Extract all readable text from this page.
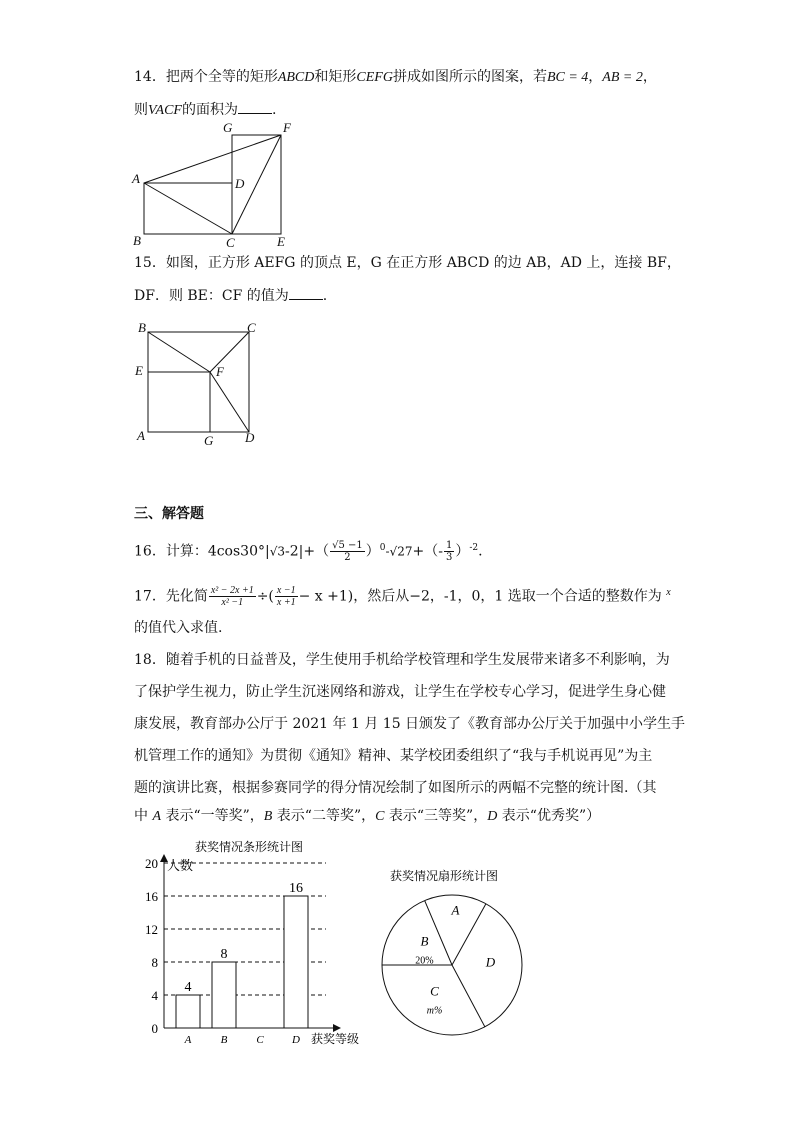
14．把两个全等的矩形ABCD和矩形CEFG拼成如图所示的图案，若BC = 4，AB = 2，
则VACF的面积为 .
G	F
A	D
B	C	E
15．如图，正方形 AEFG 的顶点 E，G 在正方形 ABCD 的边 AB，AD 上，连接 BF，
DF．则 BE：CF 的值为 .
B	C
E	F
A	G D
三、解答题
16．计算：$4\cos 30^\circ|√3-2|+( \frac{√5 -1}{2} )^0-√27+(- \frac{1}{3} )^{-2}$.
17．先化简 $\frac{\text{x² − 2x +1}}{\text{x² −1}}$ ÷( $\frac{x -1}{x +1} - x +1$)，然后从−2，-1，0，1 选取一个合适的整数作为 $^x$
的值代入求值.
18．随着手机的日益普及，学生使用手机给学校管理和学生发展带来诸多不利影响，为
了保护学生视力，防止学生沉迷网络和游戏，让学生在学校专心学习，促进学生身心健
康发展，教育部办公厅于 2021 年 1 月 15 日颁发了《教育部办公厅关于加强中小学生手
机管理工作的通知》为贯彻《通知》精神、某学校团委组织了“我与手机说再见”为主
题的演讲比赛，根据参赛同学的得分情况绘制了如图所示的两幅不完整的统计图.（其
中 A 表示“一等奖”，B 表示“二等奖”，C 表示“三等奖”，D 表示“优秀奖”）
获奖情况条形统计图
人数
获奖等级
0
4
8
12
16
20
A
4
B
8
C	D
16
获奖情况扇形统计图
A
D
C
m%
B
20%
